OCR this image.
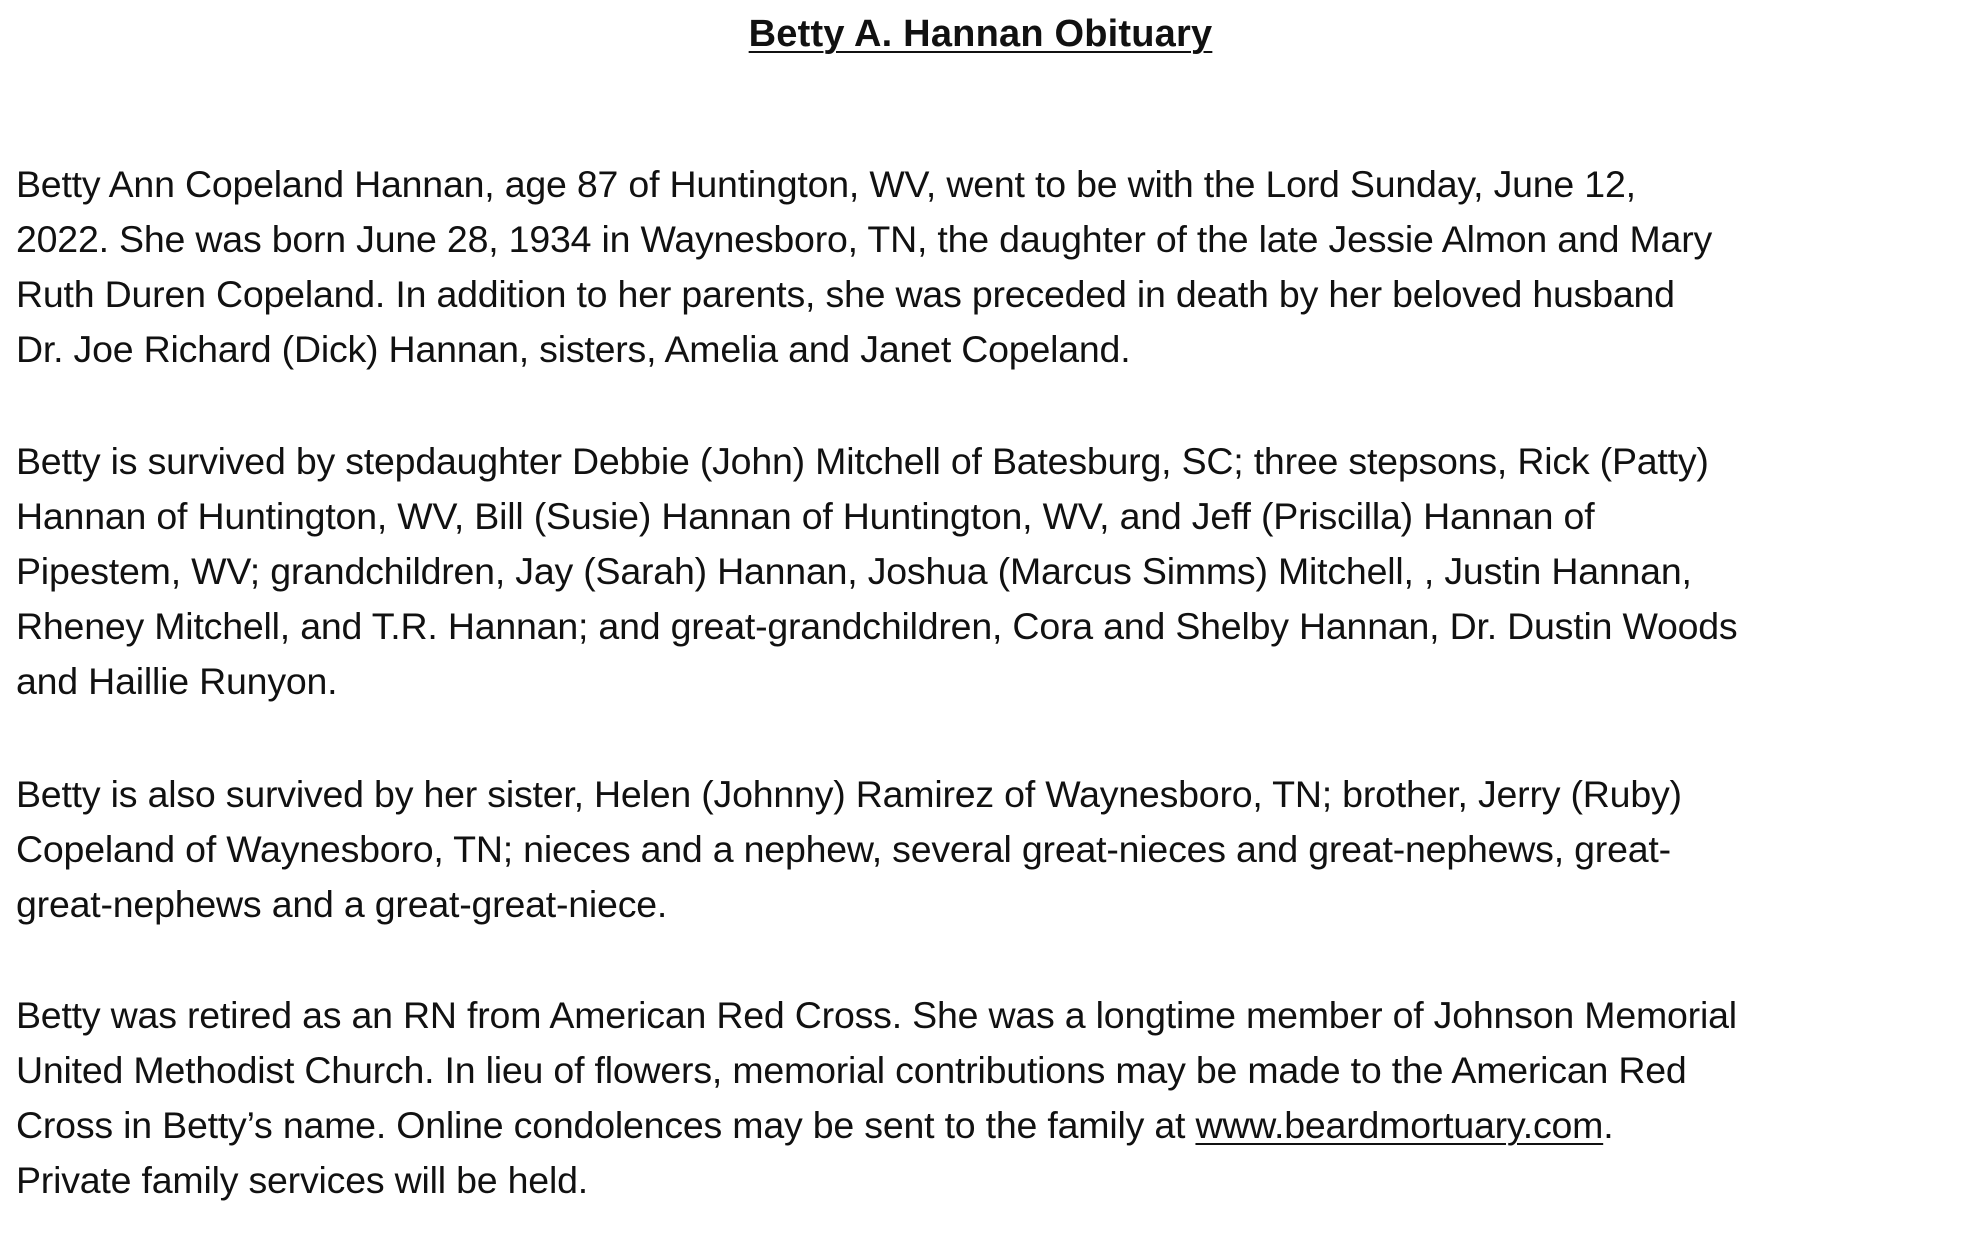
Betty A. Hannan Obituary

Betty Ann Copeland Hannan, age 87 of Huntington, WV, went to be with the Lord Sunday, June 12,
2022. She was born June 28, 1934 in Waynesboro, TN, the daughter of the late Jessie Almon and Mary
Ruth Duren Copeland. In addition to her parents, she was preceded in death by her beloved husband
Dr. Joe Richard (Dick) Hannan, sisters, Amelia and Janet Copeland.

Betty is survived by stepdaughter Debbie (John) Mitchell of Batesburg, SC; three stepsons, Rick (Patty)
Hannan of Huntington, WV, Bill (Susie) Hannan of Huntington, WV, and Jeff (Priscilla) Hannan of
Pipestem, WV; grandchildren, Jay (Sarah) Hannan, Joshua (Marcus Simms) Mitchell, , Justin Hannan,
Rheney Mitchell, and T.R. Hannan; and great-grandchildren, Cora and Shelby Hannan, Dr. Dustin Woods
and Haillie Runyon.

Betty is also survived by her sister, Helen (Johnny) Ramirez of Waynesboro, TN; brother, Jerry (Ruby)
Copeland of Waynesboro, TN; nieces and a nephew, several great-nieces and great-nephews, great-
great-nephews and a great-great-niece.

Betty was retired as an RN from American Red Cross. She was a longtime member of Johnson Memorial
United Methodist Church. In lieu of flowers, memorial contributions may be made to the American Red
Cross in Betty’s name. Online condolences may be sent to the family at www.beardmortuary.com.
Private family services will be held.
